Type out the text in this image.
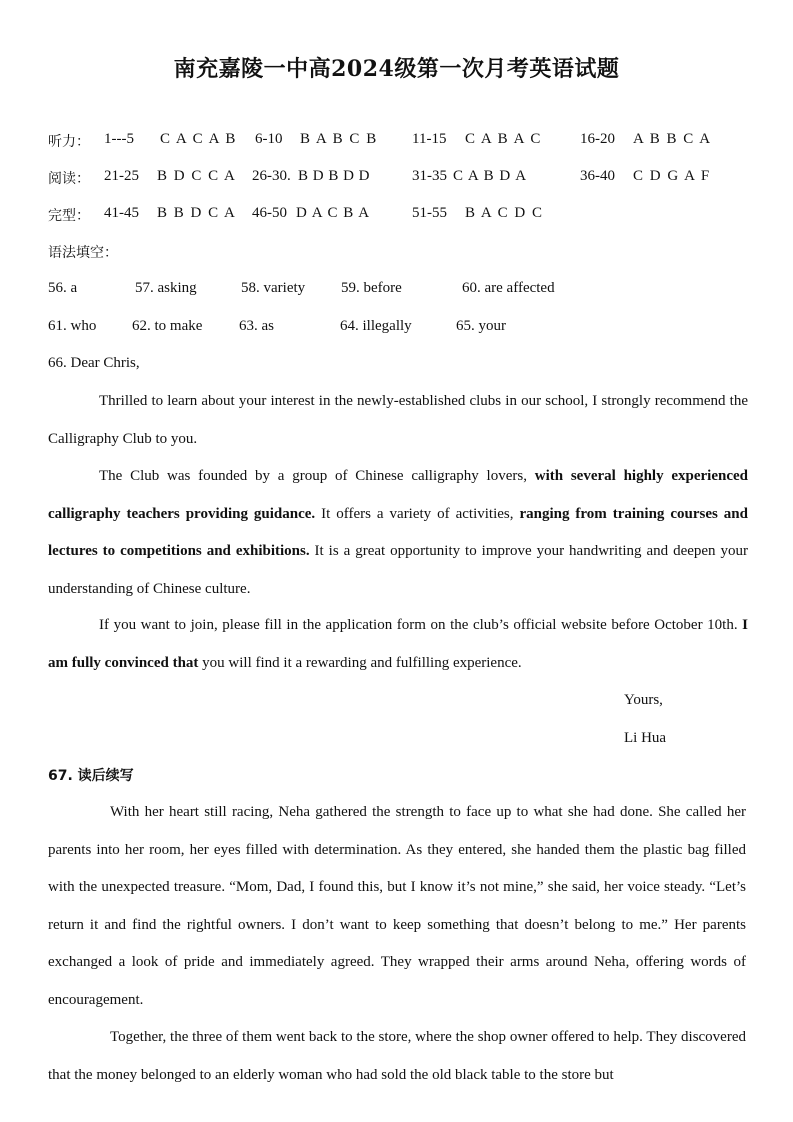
南充嘉陵一中高2024级第一次月考英语试题
听力： 1---5 C A C A B 6-10 B A B C B 11-15 C A B A C	16-20 A B B C A
阅读： 21-25 B D C C A 26-30. B D B D D	31-35 C A B D A	36-40 C D G A F
完型： 41-45 B B D C A 46-50 D A C B A	51-55 B A C D C
语法填空：
56. a	57. asking	58. variety 59. before	60. are affected
61. who 62. to make 63. as	64. illegally	65. your
66. Dear Chris,

Thrilled to learn about your interest in the newly-established clubs in our school, I strongly recommend the Calligraphy Club to you.

The Club was founded by a group of Chinese calligraphy lovers, with several highly experienced calligraphy teachers providing guidance. It offers a variety of activities, ranging from training courses and lectures to competitions and exhibitions. It is a great opportunity to improve your handwriting and deepen your understanding of Chinese culture.

If you want to join, please fill in the application form on the club’s official website before October 10th. I am fully convinced that you will find it a rewarding and fulfilling experience.

Yours,
Li Hua
67. 读后续写

With her heart still racing, Neha gathered the strength to face up to what she had done. She called her parents into her room, her eyes filled with determination. As they entered, she handed them the plastic bag filled with the unexpected treasure. “Mom, Dad, I found this, but I know it’s not mine,” she said, her voice steady. “Let’s return it and find the rightful owners. I don’t want to keep something that doesn’t belong to me.” Her parents exchanged a look of pride and immediately agreed. They wrapped their arms around Neha, offering words of encouragement.

Together, the three of them went back to the store, where the shop owner offered to help. They discovered that the money belonged to an elderly woman who had sold the old black table to the store but
